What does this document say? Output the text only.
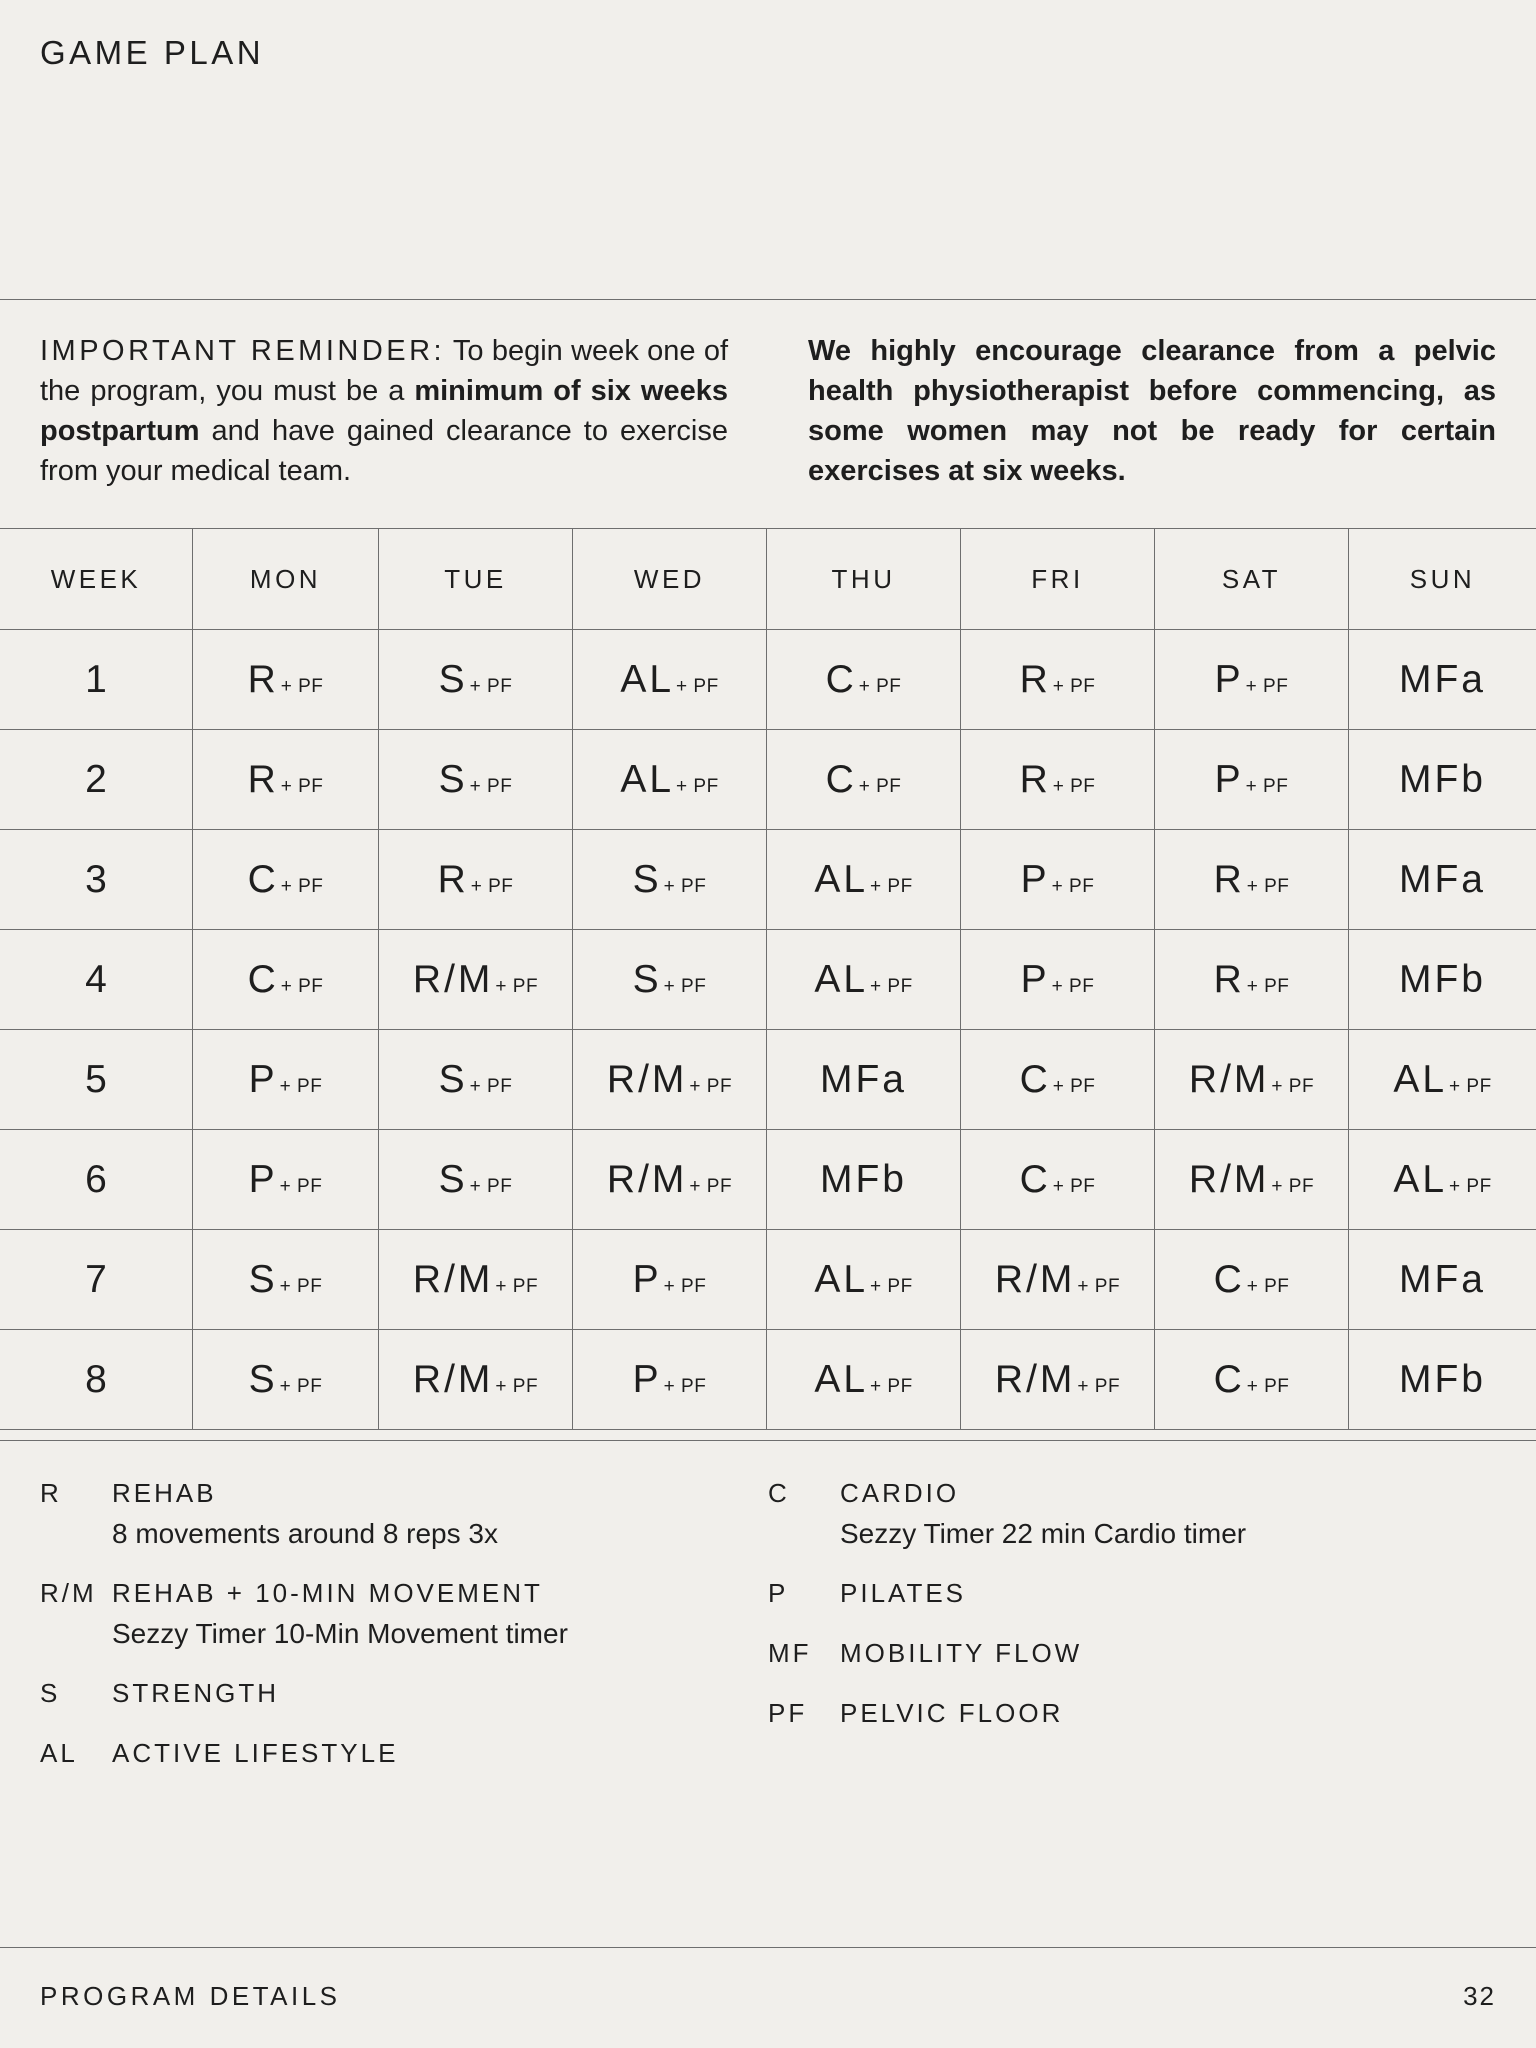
GAME PLAN
IMPORTANT REMINDER: To begin week one of the program, you must be a minimum of six weeks postpartum and have gained clearance to exercise from your medical team.
We highly encourage clearance from a pelvic health physiotherapist before commencing, as some women may not be ready for certain exercises at six weeks.
WEEK	MON	TUE	WED	THU	FRI	SAT	SUN
1	R + PF	S + PF	AL + PF	C + PF	R + PF	P + PF	MFa
2	R + PF	S + PF	AL + PF	C + PF	R + PF	P + PF	MFb
3	C + PF	R + PF	S + PF	AL + PF	P + PF	R + PF	MFa
4	C + PF	R/M + PF	S + PF	AL + PF	P + PF	R + PF	MFb
5	P + PF	S + PF	R/M + PF	MFa	C + PF	R/M + PF	AL + PF
6	P + PF	S + PF	R/M + PF	MFb	C + PF	R/M + PF	AL + PF
7	S + PF	R/M + PF	P + PF	AL + PF	R/M + PF	C + PF	MFa
8	S + PF	R/M + PF	P + PF	AL + PF	R/M + PF	C + PF	MFb
R REHAB
8 movements around 8 reps 3x
R/M REHAB + 10-MIN MOVEMENT
Sezzy Timer 10-Min Movement timer
S STRENGTH
AL ACTIVE LIFESTYLE
C CARDIO
Sezzy Timer 22 min Cardio timer
P PILATES
MF MOBILITY FLOW
PF PELVIC FLOOR
PROGRAM DETAILS	32
